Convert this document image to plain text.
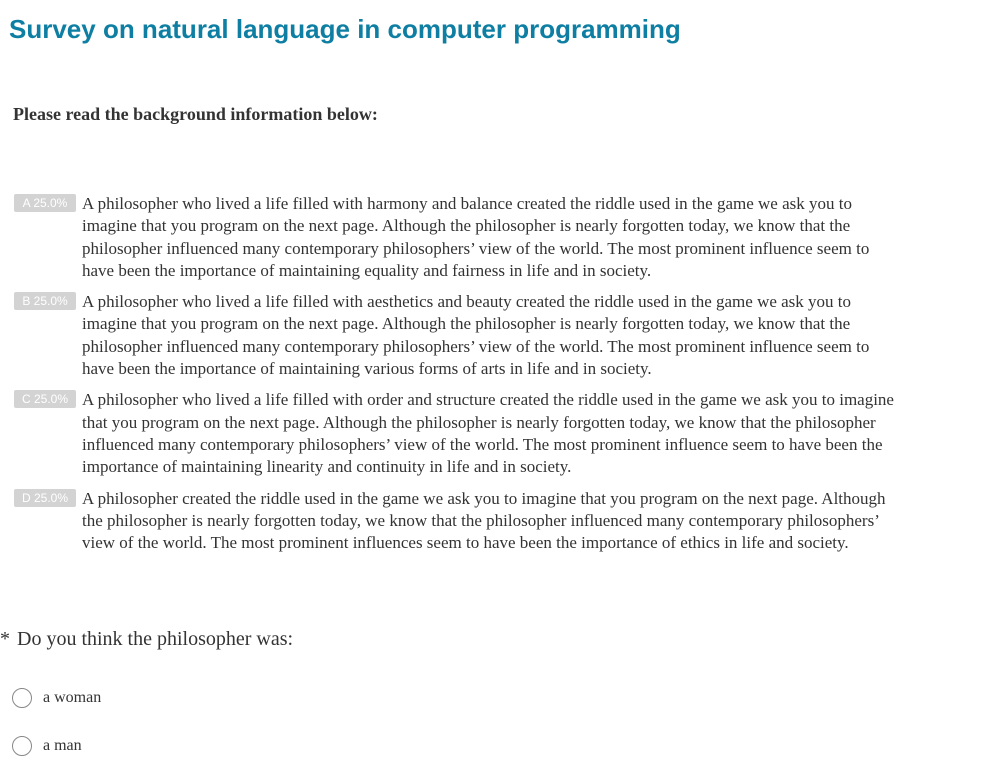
Survey on natural language in computer programming
Please read the background information below:
A 25.0% A philosopher who lived a life filled with harmony and balance created the riddle used in the game we ask you to imagine that you program on the next page. Although the philosopher is nearly forgotten today, we know that the philosopher influenced many contemporary philosophers’ view of the world. The most prominent influence seem to have been the importance of maintaining equality and fairness in life and in society.
B 25.0% A philosopher who lived a life filled with aesthetics and beauty created the riddle used in the game we ask you to imagine that you program on the next page. Although the philosopher is nearly forgotten today, we know that the philosopher influenced many contemporary philosophers’ view of the world. The most prominent influence seem to have been the importance of maintaining various forms of arts in life and in society.
C 25.0% A philosopher who lived a life filled with order and structure created the riddle used in the game we ask you to imagine that you program on the next page. Although the philosopher is nearly forgotten today, we know that the philosopher influenced many contemporary philosophers’ view of the world. The most prominent influence seem to have been the importance of maintaining linearity and continuity in life and in society.
D 25.0% A philosopher created the riddle used in the game we ask you to imagine that you program on the next page. Although the philosopher is nearly forgotten today, we know that the philosopher influenced many contemporary philosophers’ view of the world. The most prominent influences seem to have been the importance of ethics in life and society.
* Do you think the philosopher was:
a woman
a man
